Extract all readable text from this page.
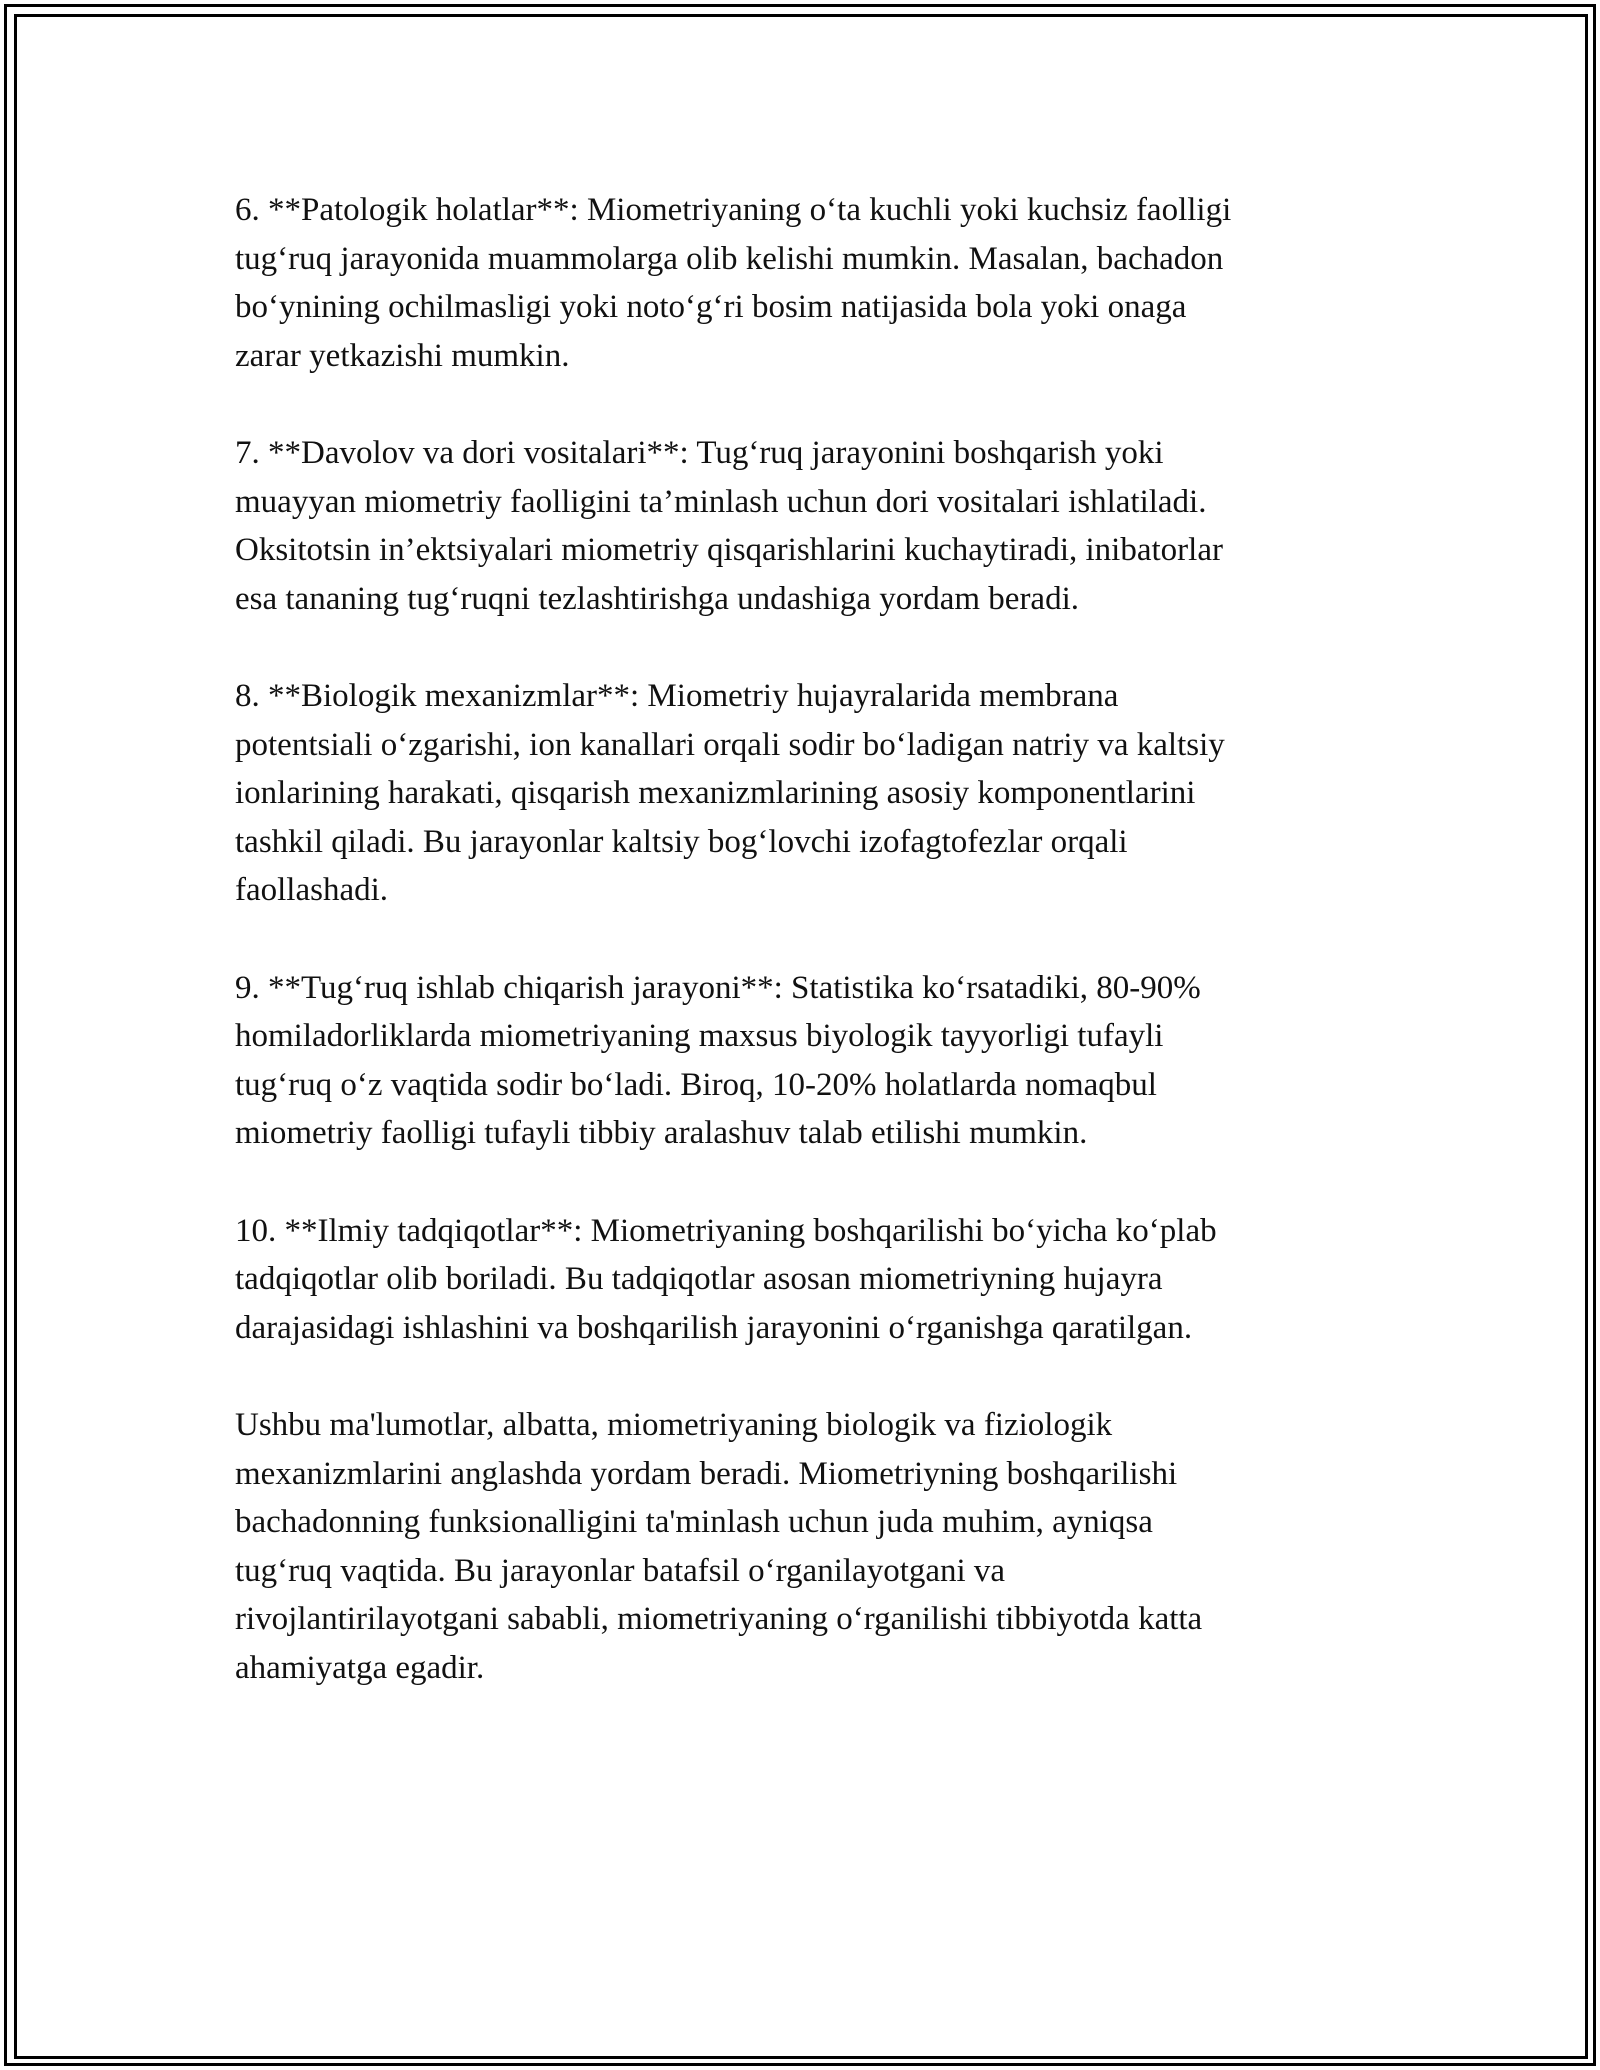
6. **Patologik holatlar**: Miometriyaning o‘ta kuchli yoki kuchsiz faolligi
tug‘ruq jarayonida muammolarga olib kelishi mumkin. Masalan, bachadon
bo‘ynining ochilmasligi yoki noto‘g‘ri bosim natijasida bola yoki onaga
zarar yetkazishi mumkin.

7. **Davolov va dori vositalari**: Tug‘ruq jarayonini boshqarish yoki
muayyan miometriy faolligini ta’minlash uchun dori vositalari ishlatiladi.
Oksitotsin in’ektsiyalari miometriy qisqarishlarini kuchaytiradi, inibatorlar
esa tananing tug‘ruqni tezlashtirishga undashiga yordam beradi.

8. **Biologik mexanizmlar**: Miometriy hujayralarida membrana
potentsiali o‘zgarishi, ion kanallari orqali sodir bo‘ladigan natriy va kaltsiy
ionlarining harakati, qisqarish mexanizmlarining asosiy komponentlarini
tashkil qiladi. Bu jarayonlar kaltsiy bog‘lovchi izofagtofezlar orqali
faollashadi.

9. **Tug‘ruq ishlab chiqarish jarayoni**: Statistika ko‘rsatadiki, 80-90%
homiladorliklarda miometriyaning maxsus biyologik tayyorligi tufayli
tug‘ruq o‘z vaqtida sodir bo‘ladi. Biroq, 10-20% holatlarda nomaqbul
miometriy faolligi tufayli tibbiy aralashuv talab etilishi mumkin.

10. **Ilmiy tadqiqotlar**: Miometriyaning boshqarilishi bo‘yicha ko‘plab
tadqiqotlar olib boriladi. Bu tadqiqotlar asosan miometriyning hujayra
darajasidagi ishlashini va boshqarilish jarayonini o‘rganishga qaratilgan.

Ushbu ma'lumotlar, albatta, miometriyaning biologik va fiziologik
mexanizmlarini anglashda yordam beradi. Miometriyning boshqarilishi
bachadonning funksionalligini ta'minlash uchun juda muhim, ayniqsa
tug‘ruq vaqtida. Bu jarayonlar batafsil o‘rganilayotgani va
rivojlantirilayotgani sababli, miometriyaning o‘rganilishi tibbiyotda katta
ahamiyatga egadir.
